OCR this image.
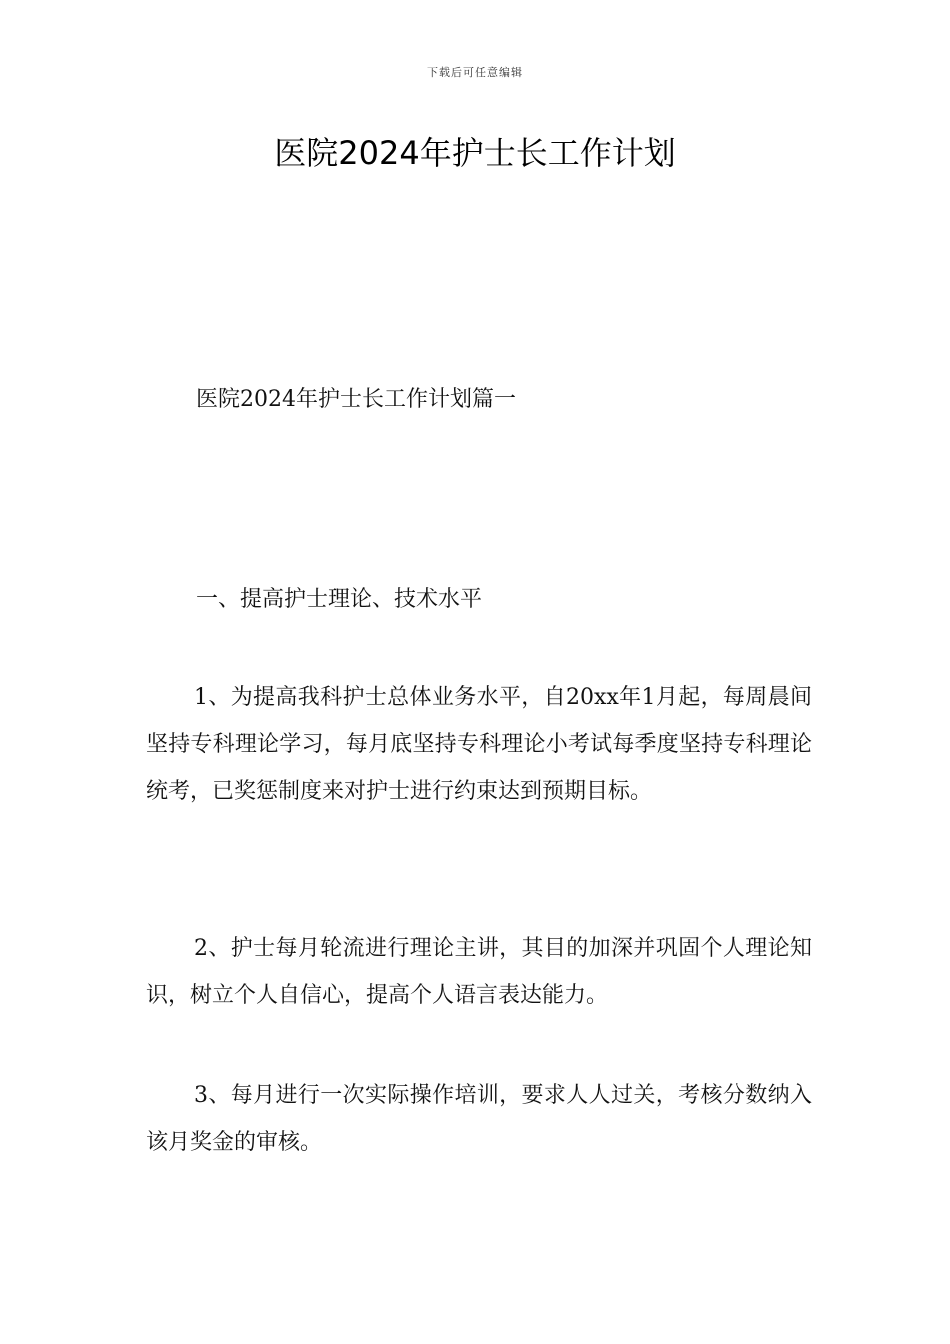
下载后可任意编辑
医院2024年护士长工作计划
医院2024年护士长工作计划篇一
一、提高护士理论、技术水平

1、为提高我科护士总体业务水平，自20xx年1月起，每周晨间坚持专科理论学习，每月底坚持专科理论小考试每季度坚持专科理论统考，已奖惩制度来对护士进行约束达到预期目标。

2、护士每月轮流进行理论主讲，其目的加深并巩固个人理论知识，树立个人自信心，提高个人语言表达能力。

3、每月进行一次实际操作培训，要求人人过关，考核分数纳入该月奖金的审核。
